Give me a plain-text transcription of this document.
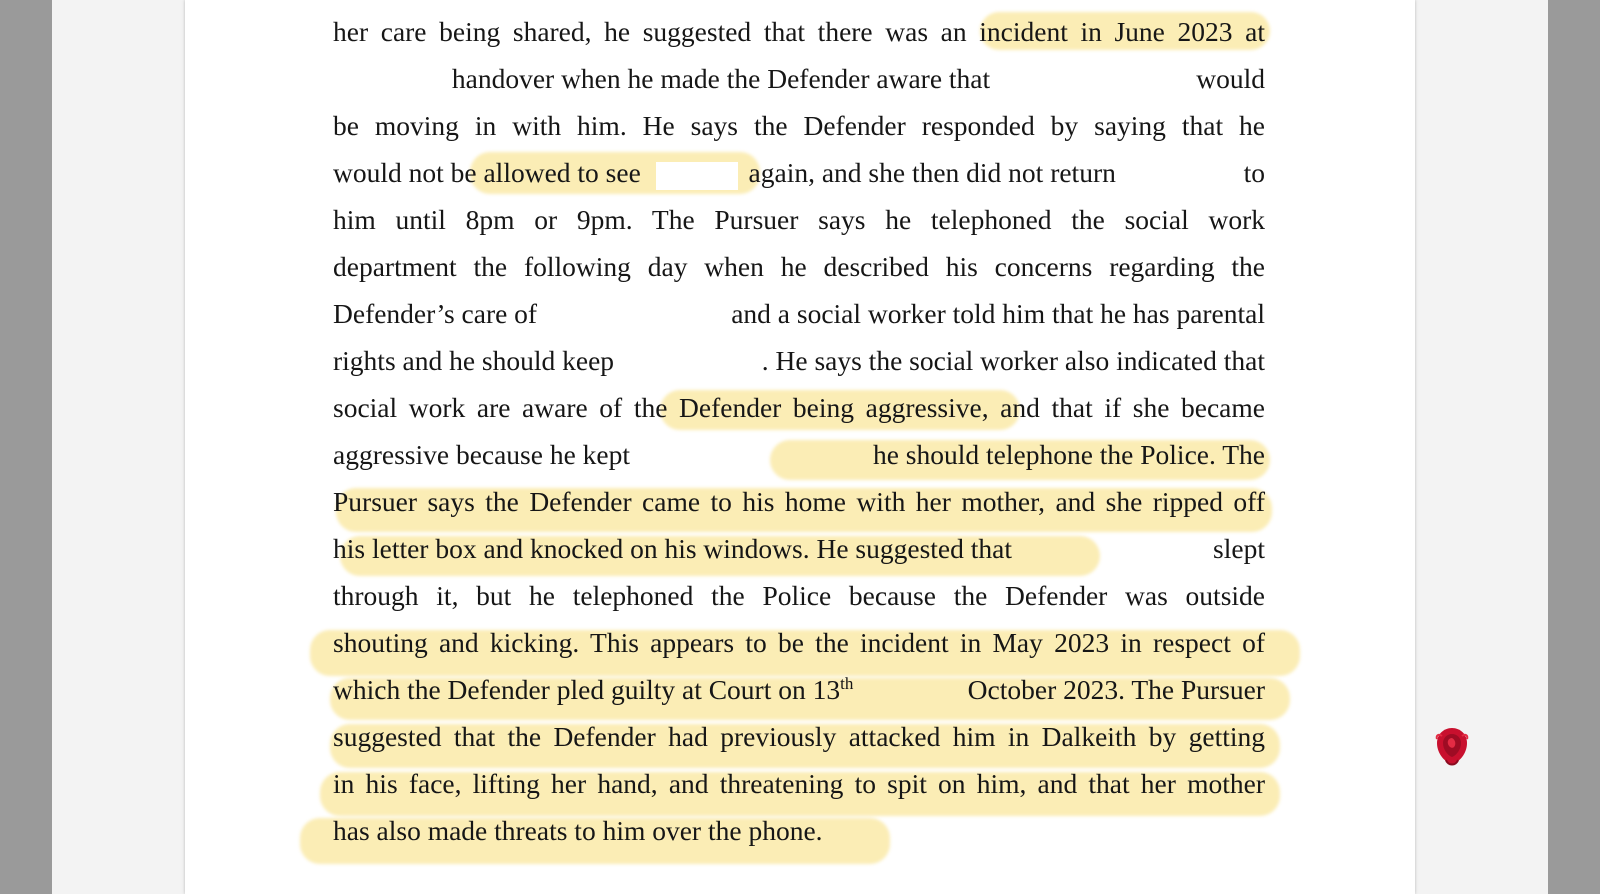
her care being shared, he suggested that there was an incident in June 2023 at
handover when he made the Defender aware that	would
be moving in with him. He says the Defender responded by saying that he
would not be allowed to see	again, and she then did not return	to
him until 8pm or 9pm. The Pursuer says he telephoned the social work
department the following day when he described his concerns regarding the
Defender’s care of	and a social worker told him that he has parental
rights and he should keep	. He says the social worker also indicated that
social work are aware of the Defender being aggressive, and that if she became
aggressive because he kept	he should telephone the Police. The
Pursuer says the Defender came to his home with her mother, and she ripped off
his letter box and knocked on his windows. He suggested that	slept
through it, but he telephoned the Police because the Defender was outside
shouting and kicking. This appears to be the incident in May 2023 in respect of
which the Defender pled guilty at Court on 13th	October 2023. The Pursuer
suggested that the Defender had previously attacked him in Dalkeith by getting
in his face, lifting her hand, and threatening to spit on him, and that her mother
has also made threats to him over the phone.
